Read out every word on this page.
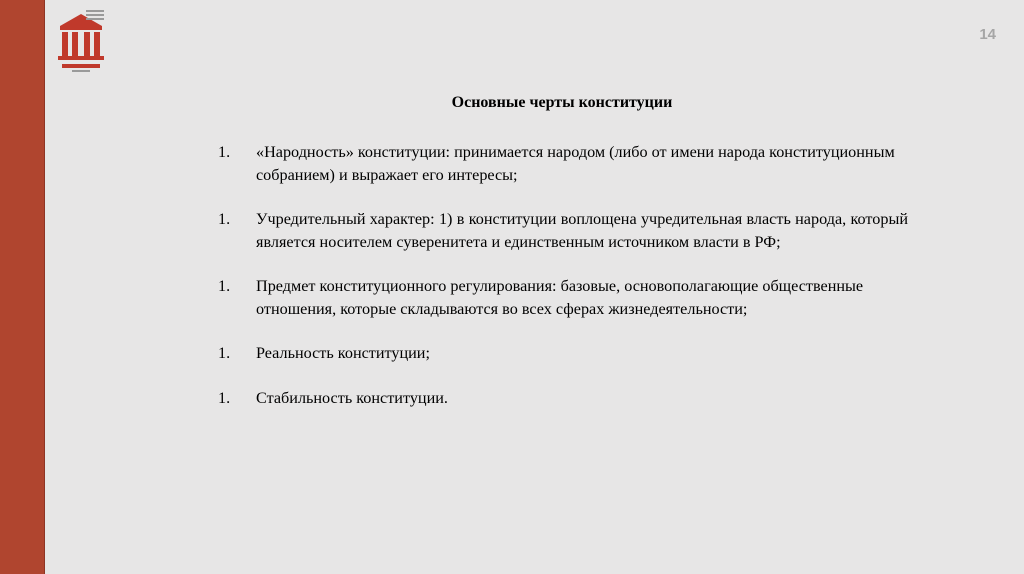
14
Основные черты конституции
1.	«Народность» конституции: принимается народом (либо от имени народа конституционным собранием) и выражает его интересы;
1.	Учредительный характер: 1) в конституции воплощена учредительная власть народа, который является носителем суверенитета и единственным источником власти в РФ;
1.	Предмет конституционного регулирования: базовые, основополагающие общественные отношения, которые складываются во всех сферах жизнедеятельности;
1.	Реальность конституции;
1.	Стабильность конституции.
